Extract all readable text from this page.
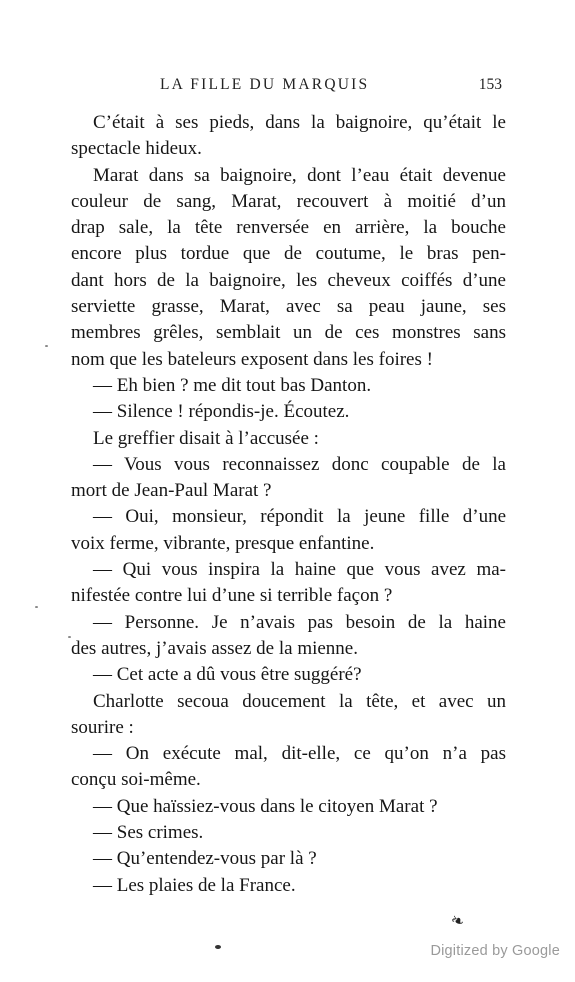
LA FILLE DU MARQUIS	153

C’était à ses pieds, dans la baignoire, qu’était le
spectacle hideux.

Marat dans sa baignoire, dont l’eau était devenue
couleur de sang, Marat, recouvert à moitié d’un
drap sale, la tête renversée en arrière, la bouche
encore plus tordue que de coutume, le bras pen-
dant hors de la baignoire, les cheveux coiffés d’une
serviette grasse, Marat, avec sa peau jaune, ses
membres grêles, semblait un de ces monstres sans
nom que les bateleurs exposent dans les foires !

— Eh bien ? me dit tout bas Danton.

— Silence ! répondis-je. Écoutez.

Le greffier disait à l’accusée :

— Vous vous reconnaissez donc coupable de la
mort de Jean-Paul Marat ?

— Oui, monsieur, répondit la jeune fille d’une
voix ferme, vibrante, presque enfantine.

— Qui vous inspira la haine que vous avez ma-
nifestée contre lui d’une si terrible façon ?

— Personne. Je n’avais pas besoin de la haine
des autres, j’avais assez de la mienne.

— Cet acte a dû vous être suggéré?

Charlotte secoua doucement la tête, et avec un
sourire :

— On exécute mal, dit-elle, ce qu’on n’a pas
conçu soi-même.

— Que haïssiez-vous dans le citoyen Marat ?

— Ses crimes.

— Qu’entendez-vous par là ?

— Les plaies de la France.

❧
Digitized by Google
